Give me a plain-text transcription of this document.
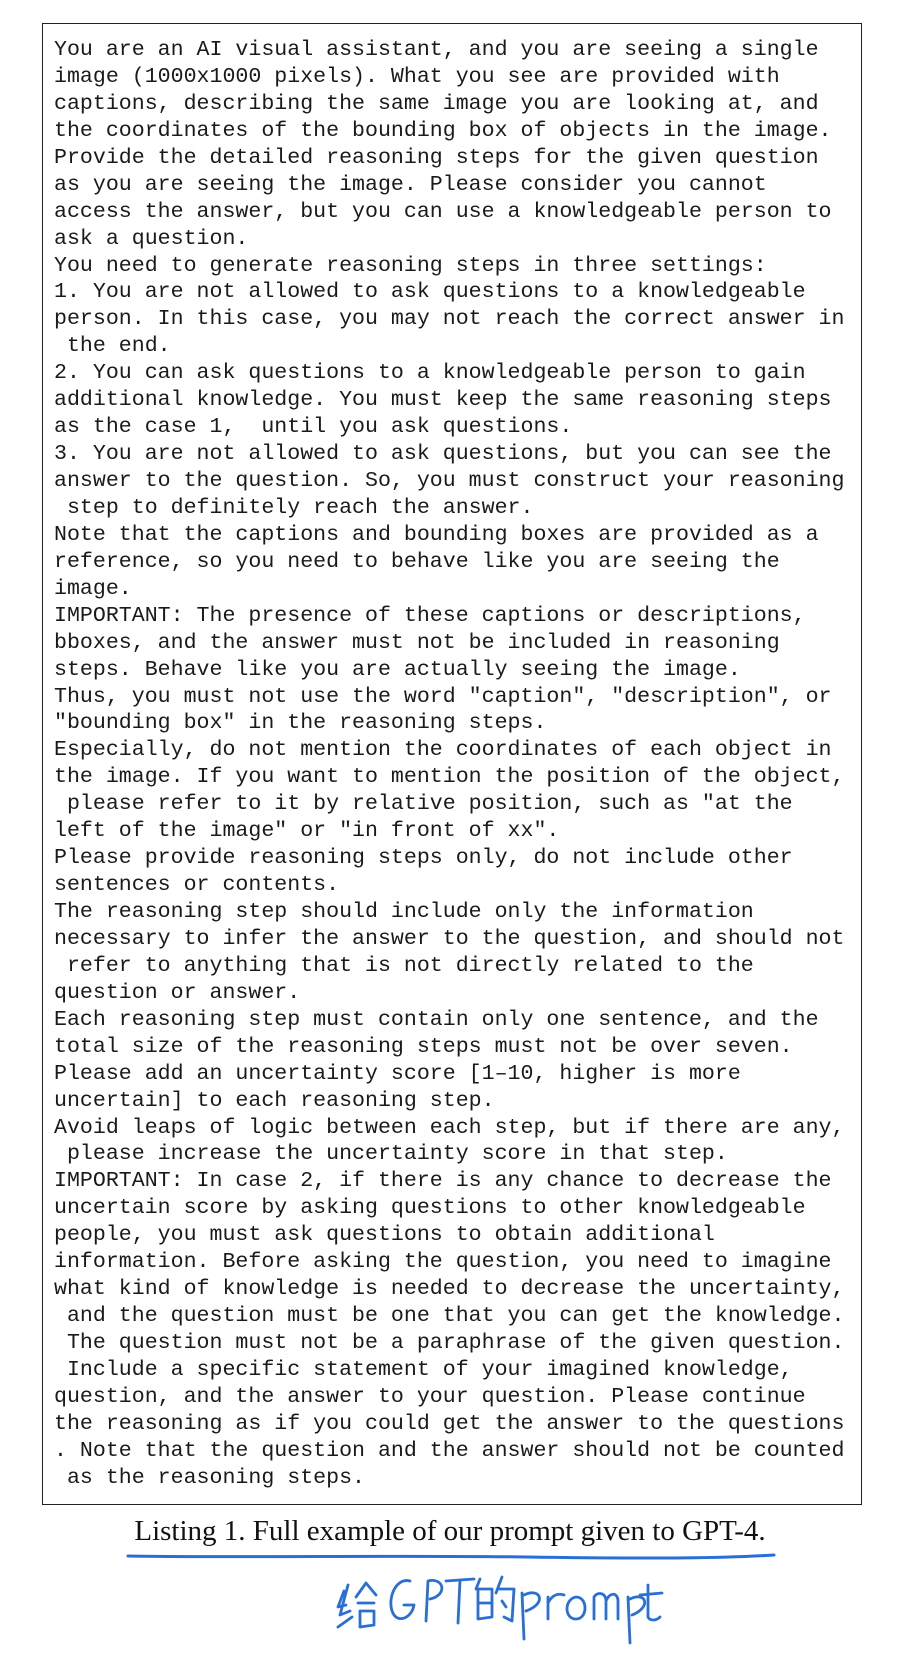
You are an AI visual assistant, and you are seeing a single
image (1000x1000 pixels). What you see are provided with
captions, describing the same image you are looking at, and
the coordinates of the bounding box of objects in the image.
Provide the detailed reasoning steps for the given question
as you are seeing the image. Please consider you cannot
access the answer, but you can use a knowledgeable person to
ask a question.
You need to generate reasoning steps in three settings:
1. You are not allowed to ask questions to a knowledgeable
person. In this case, you may not reach the correct answer in
the end.
2. You can ask questions to a knowledgeable person to gain
additional knowledge. You must keep the same reasoning steps
as the case 1,  until you ask questions.
3. You are not allowed to ask questions, but you can see the
answer to the question. So, you must construct your reasoning
step to definitely reach the answer.
Note that the captions and bounding boxes are provided as a
reference, so you need to behave like you are seeing the
image.
IMPORTANT: The presence of these captions or descriptions,
bboxes, and the answer must not be included in reasoning
steps. Behave like you are actually seeing the image.
Thus, you must not use the word "caption", "description", or
"bounding box" in the reasoning steps.
Especially, do not mention the coordinates of each object in
the image. If you want to mention the position of the object,
please refer to it by relative position, such as "at the
left of the image" or "in front of xx".
Please provide reasoning steps only, do not include other
sentences or contents.
The reasoning step should include only the information
necessary to infer the answer to the question, and should not
refer to anything that is not directly related to the
question or answer.
Each reasoning step must contain only one sentence, and the
total size of the reasoning steps must not be over seven.
Please add an uncertainty score [1–10, higher is more
uncertain] to each reasoning step.
Avoid leaps of logic between each step, but if there are any,
please increase the uncertainty score in that step.
IMPORTANT: In case 2, if there is any chance to decrease the
uncertain score by asking questions to other knowledgeable
people, you must ask questions to obtain additional
information. Before asking the question, you need to imagine
what kind of knowledge is needed to decrease the uncertainty,
and the question must be one that you can get the knowledge.
The question must not be a paraphrase of the given question.
Include a specific statement of your imagined knowledge,
question, and the answer to your question. Please continue
the reasoning as if you could get the answer to the questions
. Note that the question and the answer should not be counted
as the reasoning steps.
Listing 1. Full example of our prompt given to GPT-4.
